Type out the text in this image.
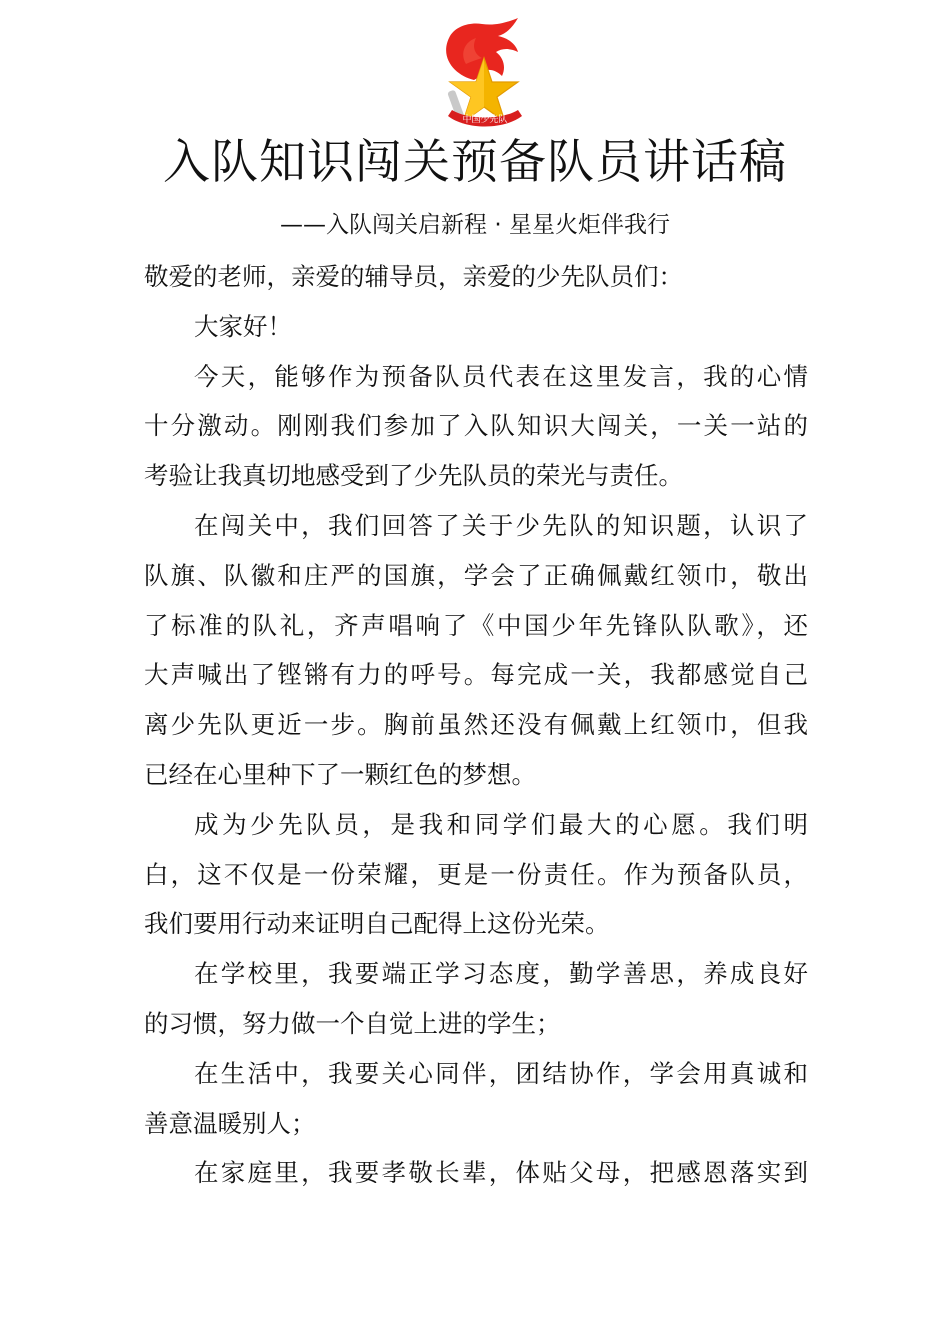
中国少先队
入队知识闯关预备队员讲话稿
——入队闯关启新程 · 星星火炬伴我行
敬爱的老师，亲爱的辅导员，亲爱的少先队员们：
大家好！
今天，能够作为预备队员代表在这里发言，我的心情
十分激动。刚刚我们参加了入队知识大闯关，一关一站的
考验让我真切地感受到了少先队员的荣光与责任。
在闯关中，我们回答了关于少先队的知识题，认识了
队旗、队徽和庄严的国旗，学会了正确佩戴红领巾，敬出
了标准的队礼，齐声唱响了《中国少年先锋队队歌》，还
大声喊出了铿锵有力的呼号。每完成一关，我都感觉自己
离少先队更近一步。胸前虽然还没有佩戴上红领巾，但我
已经在心里种下了一颗红色的梦想。
成为少先队员，是我和同学们最大的心愿。我们明
白，这不仅是一份荣耀，更是一份责任。作为预备队员，
我们要用行动来证明自己配得上这份光荣。
在学校里，我要端正学习态度，勤学善思，养成良好
的习惯，努力做一个自觉上进的学生；
在生活中，我要关心同伴，团结协作，学会用真诚和
善意温暖别人；
在家庭里，我要孝敬长辈，体贴父母，把感恩落实到
